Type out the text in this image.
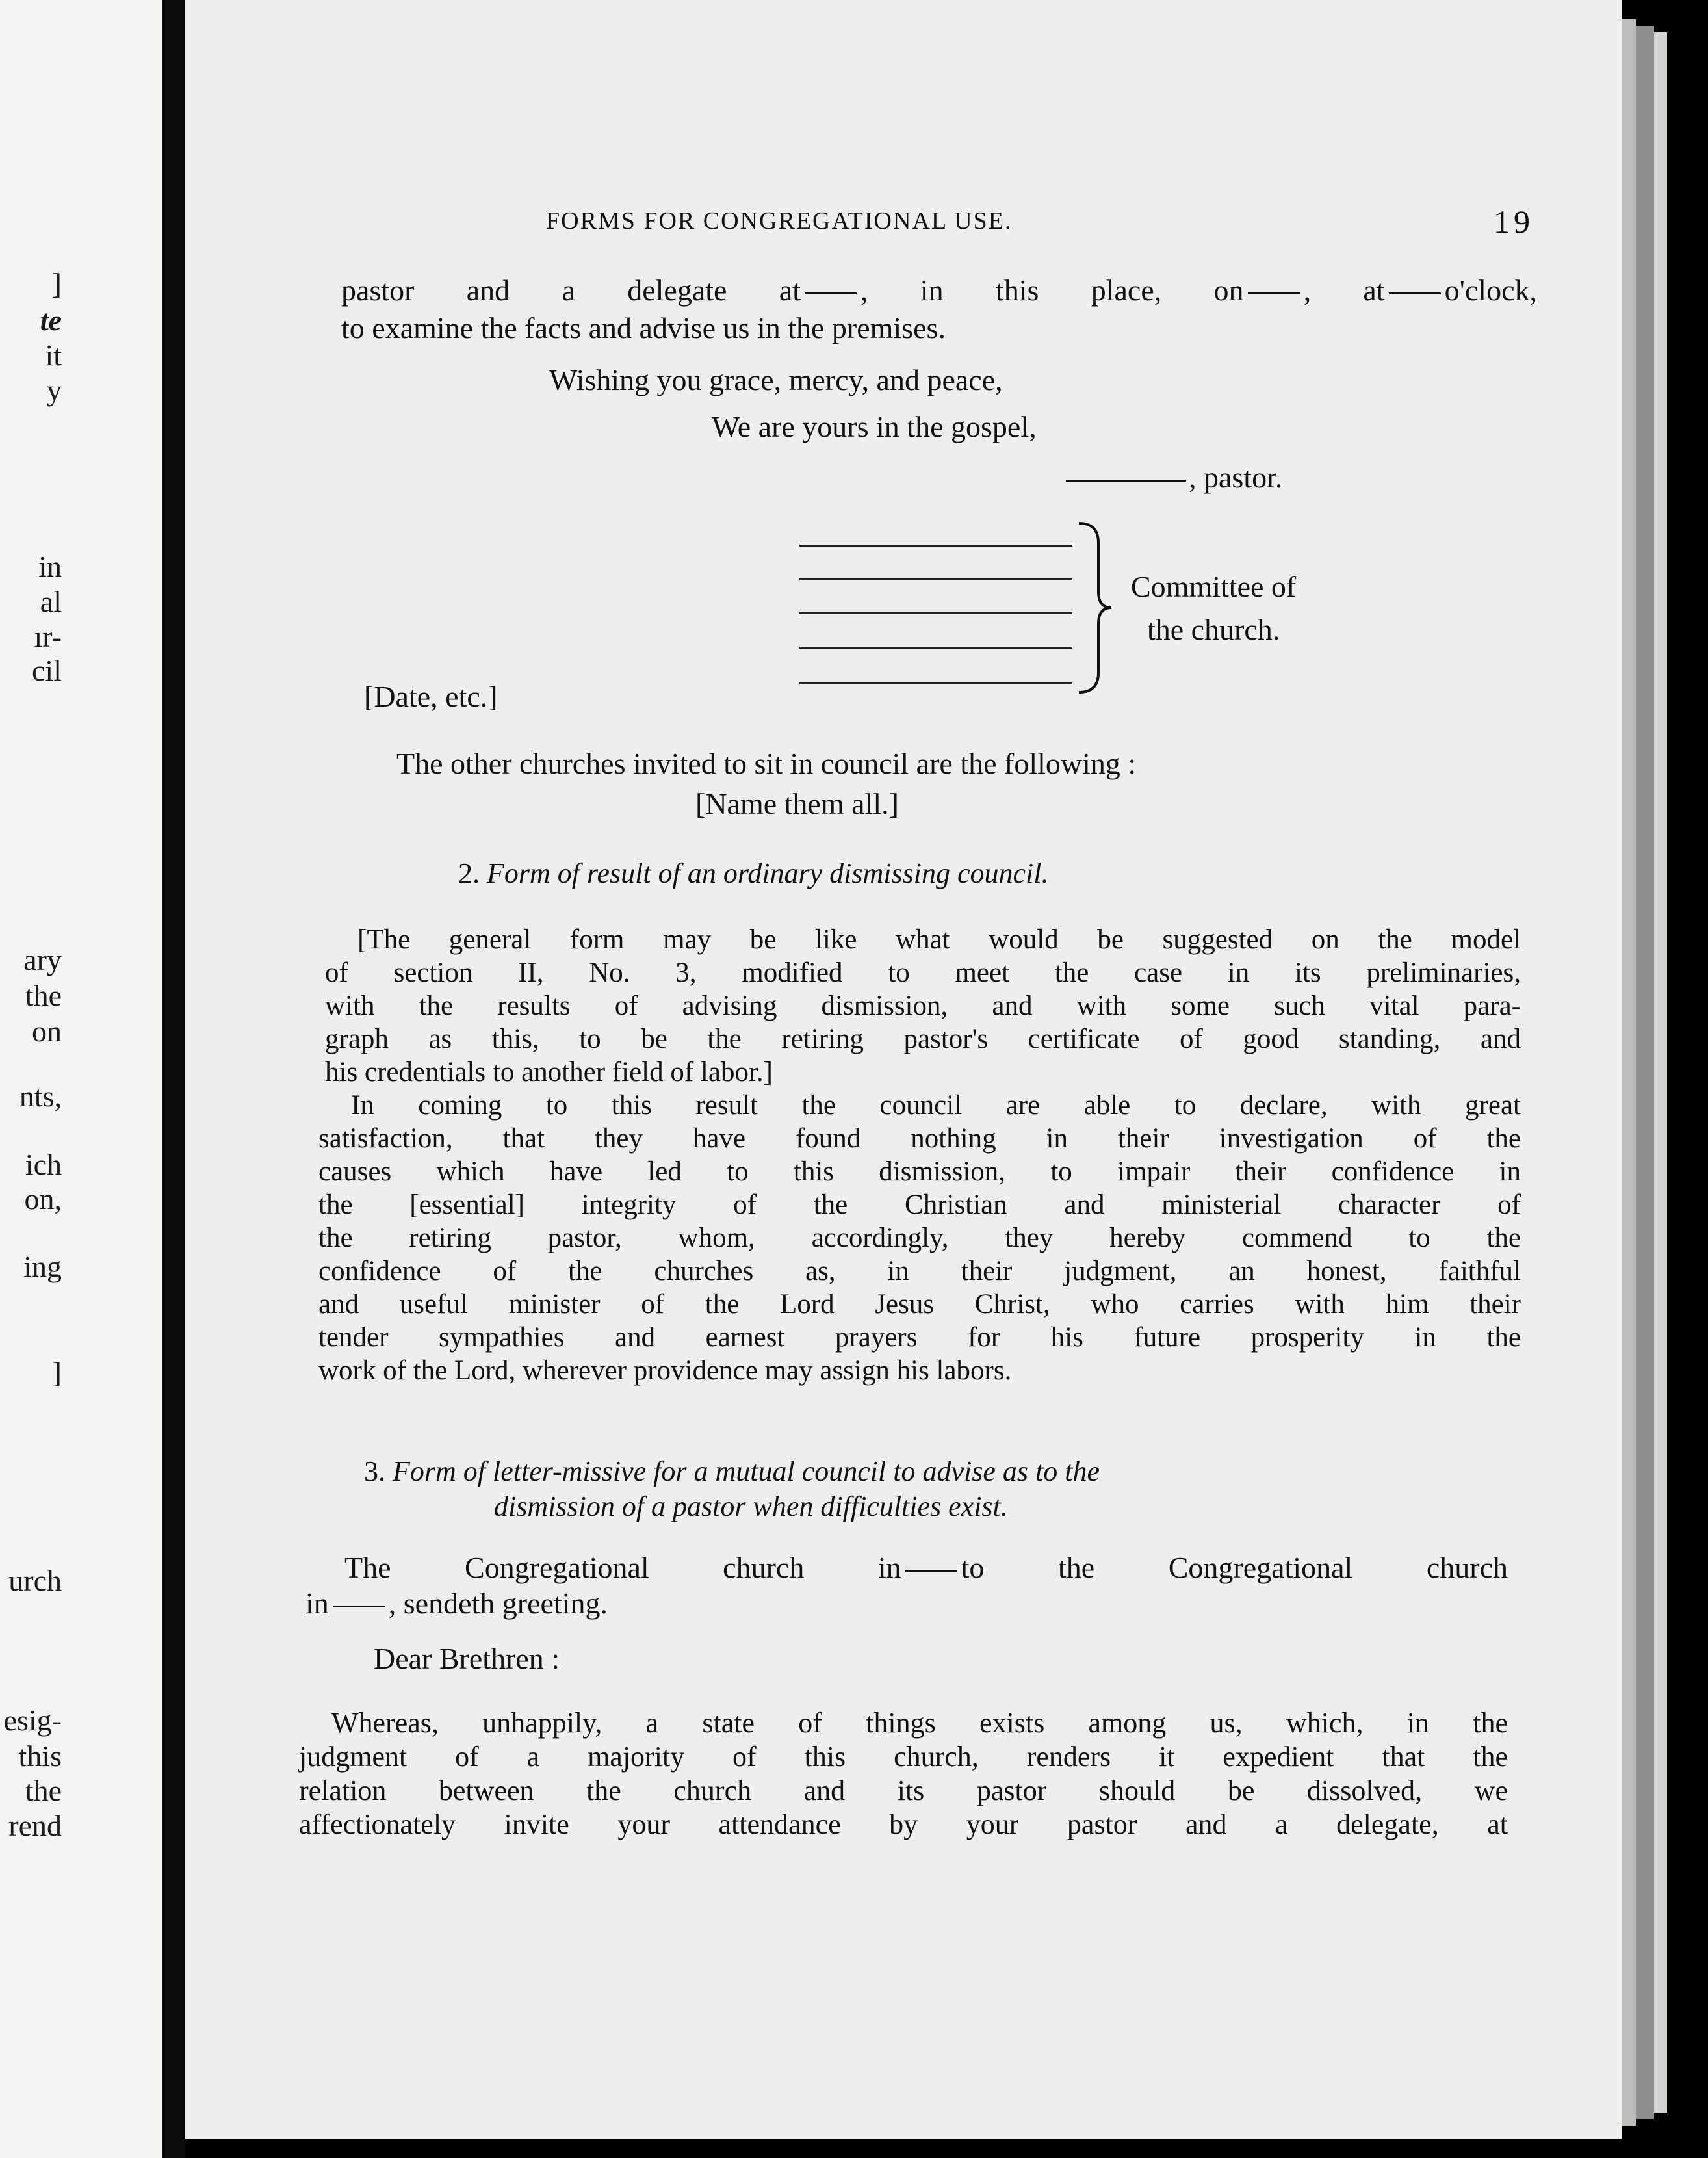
]
te
it
y
in
al
ır-
cil
ary
the
on
nts,
ich
on,
ing
]
urch
esig-
this
the
rend
FORMS FOR CONGREGATIONAL USE.	19
pastor and a delegate at , in this place, on , at o'clock,
to examine the facts and advise us in the premises.
Wishing you grace, mercy, and peace,
We are yours in the gospel,
, pastor.
Committee of
the church.
[Date, etc.]
The other churches invited to sit in council are the following :
[Name them all.]
2. Form of result of an ordinary dismissing council.
[The general form may be like what would be suggested on the model
of section II, No. 3, modified to meet the case in its preliminaries,
with the results of advising dismission, and with some such vital para-
graph as this, to be the retiring pastor's certificate of good standing, and
his credentials to another field of labor.]
In coming to this result the council are able to declare, with great
satisfaction, that they have found nothing in their investigation of the
causes which have led to this dismission, to impair their confidence in
the [essential] integrity of the Christian and ministerial character of
the retiring pastor, whom, accordingly, they hereby commend to the
confidence of the churches as, in their judgment, an honest, faithful
and useful minister of the Lord Jesus Christ, who carries with him their
tender sympathies and earnest prayers for his future prosperity in the
work of the Lord, wherever providence may assign his labors.
3. Form of letter-missive for a mutual council to advise as to the
dismission of a pastor when difficulties exist.
The Congregational church in to the Congregational church
in , sendeth greeting.
Dear Brethren :
Whereas, unhappily, a state of things exists among us, which, in the
judgment of a majority of this church, renders it expedient that the
relation between the church and its pastor should be dissolved, we
affectionately invite your attendance by your pastor and a delegate, at
